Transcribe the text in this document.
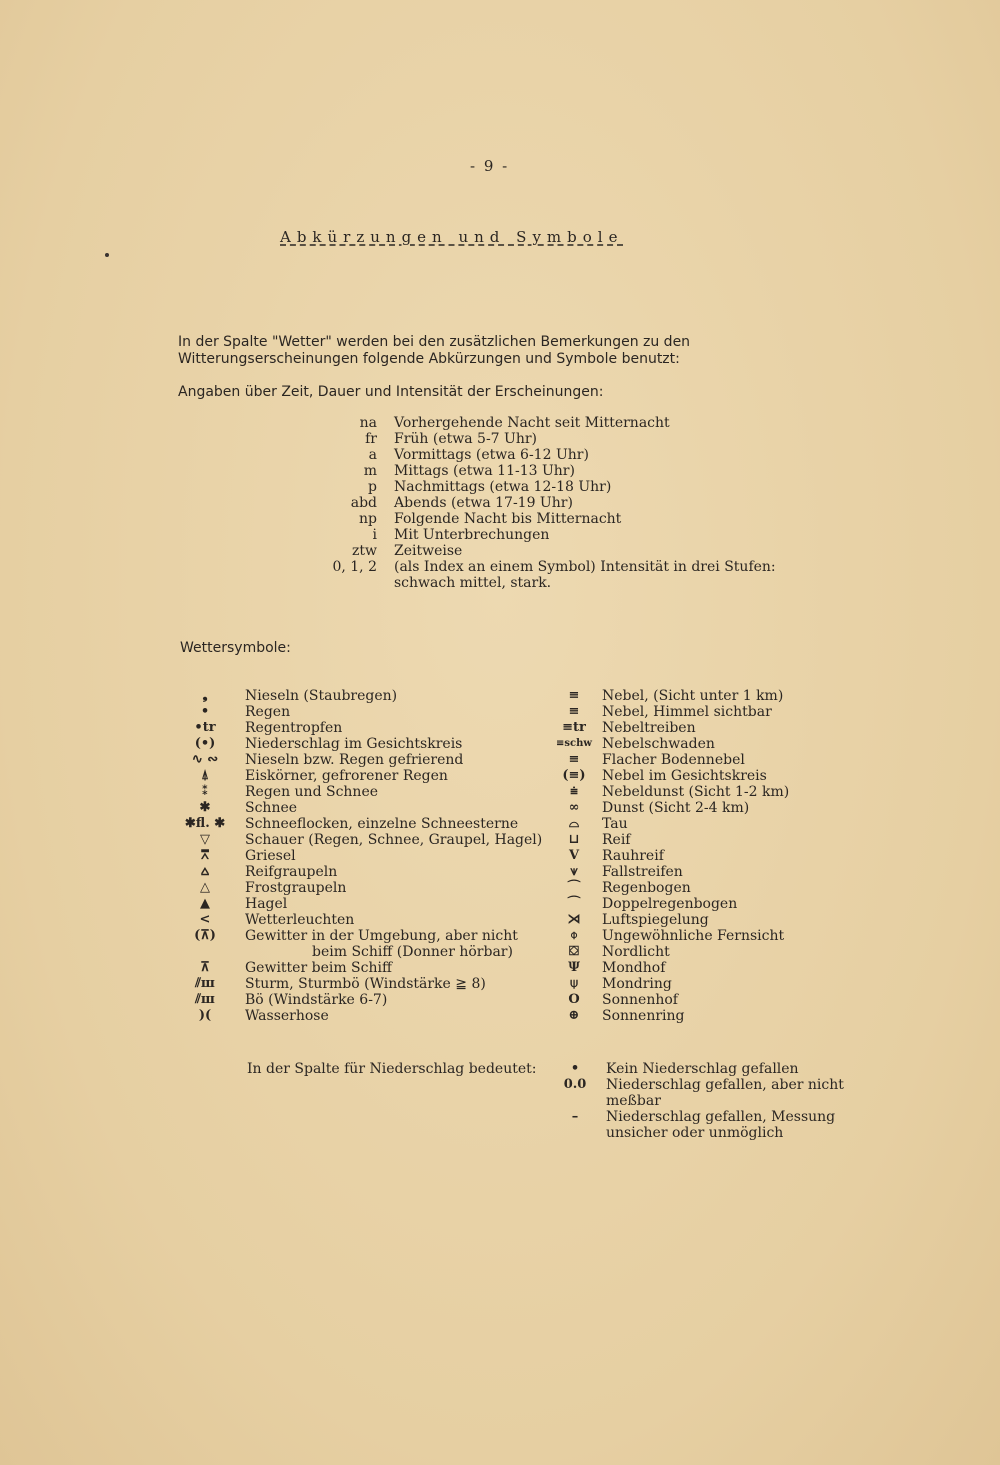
- 9 -
Abkürzungen und Symbole
In der Spalte "Wetter" werden bei den zusätzlichen Bemerkungen zu den Witterungserscheinungen folgende Abkürzungen und Symbole benutzt:
Angaben über Zeit, Dauer und Intensität der Erscheinungen:
na	Vorhergehende Nacht seit Mitternacht
fr	Früh (etwa 5-7 Uhr)
a	Vormittags (etwa 6-12 Uhr)
m	Mittags (etwa 11-13 Uhr)
p	Nachmittags (etwa 12-18 Uhr)
abd	Abends (etwa 17-19 Uhr)
np	Folgende Nacht bis Mitternacht
i	Mit Unterbrechungen
ztw	Zeitweise
0, 1, 2	(als Index an einem Symbol) Intensität in drei Stufen:
schwach mittel, stark.
Wettersymbole:
❟	Nieseln (Staubregen)
•	Regen
•tr	Regentropfen
(•)	Niederschlag im Gesichtskreis
∿ ∾	Nieseln bzw. Regen gefrierend
⍋	Eiskörner, gefrorener Regen
⁑	Regen und Schnee
✱	Schnee
✱fl. ✱	Schneeflocken, einzelne Schneesterne
▽	Schauer (Regen, Schnee, Graupel, Hagel)
⩞	Griesel
⩟	Reifgraupeln
△	Frostgraupeln
▲	Hagel
<	Wetterleuchten
(⊼)	Gewitter in der Umgebung, aber nicht
beim Schiff (Donner hörbar)
⊼	Gewitter beim Schiff
⫽ш	Sturm, Sturmbö (Windstärke ≧ 8)
⫽ш	Bö (Windstärke 6-7)
)(	Wasserhose
≡	Nebel, (Sicht unter 1 km)
≡	Nebel, Himmel sichtbar
≡tr	Nebeltreiben
≡schw Nebelschwaden
≡	Flacher Bodennebel
(≡)	Nebel im Gesichtskreis
⩧	Nebeldunst (Sicht 1-2 km)
∞	Dunst (Sicht 2-4 km)
⌓	Tau
⊔	Reif
V	Rauhreif
⩛	Fallstreifen
⌒	Regenbogen
⌒	Doppelregenbogen
⋊	Luftspiegelung
⌽	Ungewöhnliche Fernsicht
⛋	Nordlicht
Ψ	Mondhof
⍦	Mondring
O	Sonnenhof
⊕	Sonnenring
In der Spalte für Niederschlag bedeutet:	•	Kein Niederschlag gefallen
0.0 Niederschlag gefallen, aber nicht meßbar
–	Niederschlag gefallen, Messung unsicher oder unmöglich
